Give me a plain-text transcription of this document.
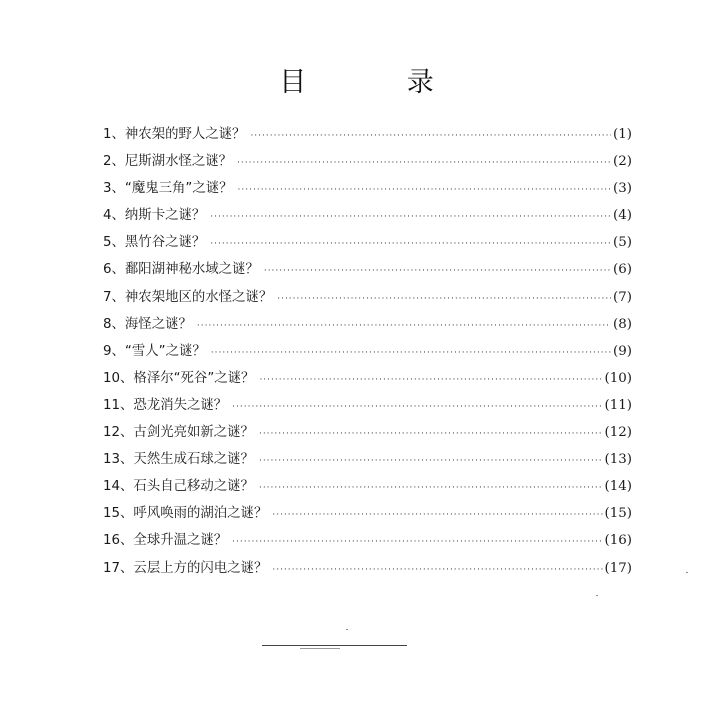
目 录
1、神农架的野人之谜？ ·····	(1)
2、尼斯湖水怪之谜？ ·····	(2)
3、“魔鬼三角”之谜？ ·····	(3)
4、纳斯卡之谜？ ·····	(4)
5、黑竹谷之谜？ ·····	(5)
6、鄱阳湖神秘水域之谜？ ·····	(6)
7、神农架地区的水怪之谜？ ·····	(7)
8、海怪之谜？ ·····	(8)
9、“雪人”之谜？ ·····	(9)
10、格泽尔“死谷”之谜？ ·····	(10)
11、恐龙消失之谜？ ·····	(11)
12、古剑光亮如新之谜？ ·····	(12)
13、天然生成石球之谜？ ·····	(13)
14、石头自己移动之谜？ ·····	(14)
15、呼风唤雨的湖泊之谜？ ·····	(15)
16、全球升温之谜？ ·····	(16)
17、云层上方的闪电之谜？ ·····	(17)
